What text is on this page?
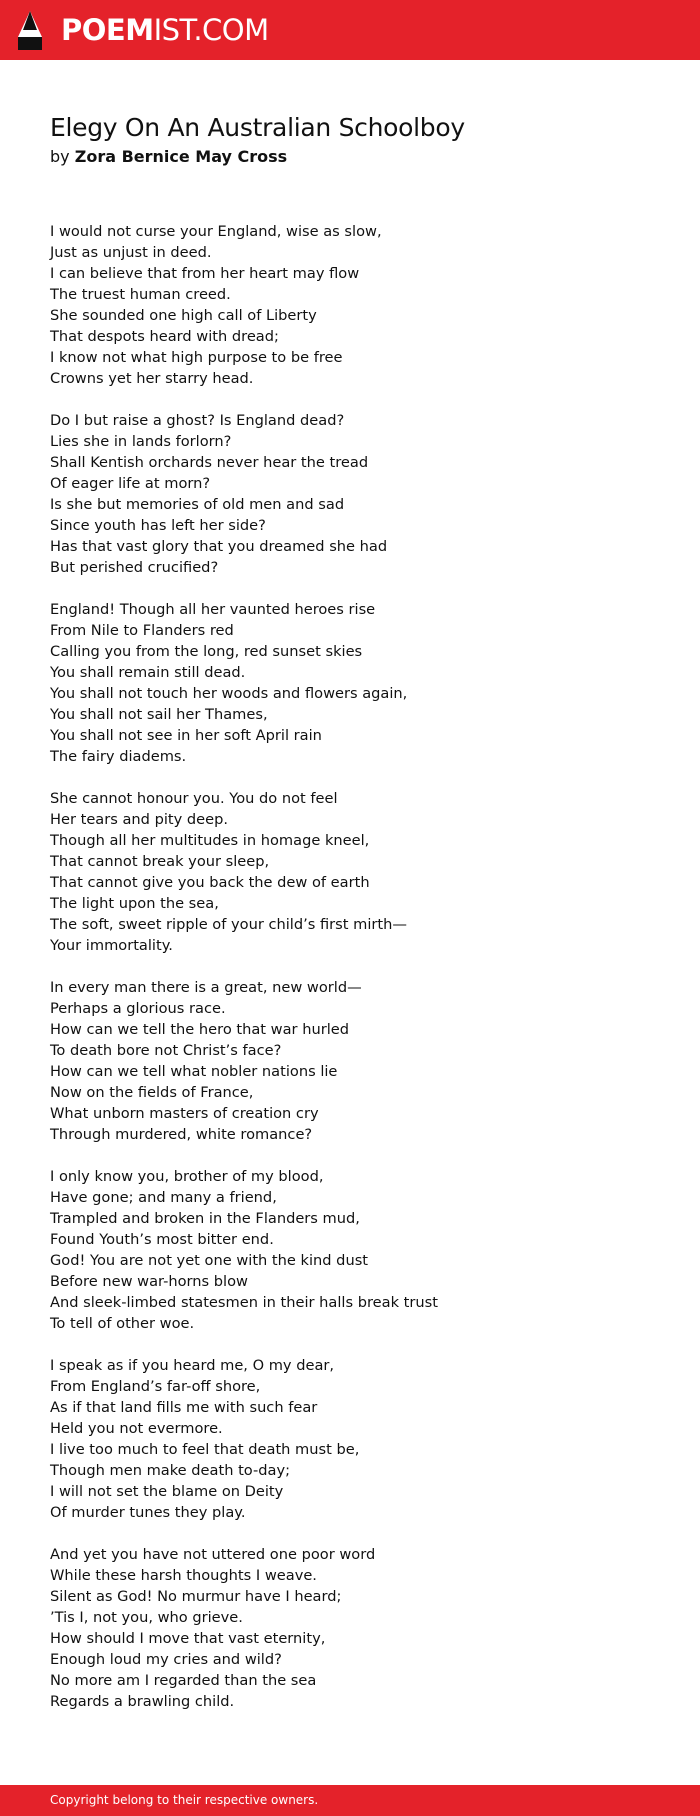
POEMIST.COM
Elegy On An Australian Schoolboy
by Zora Bernice May Cross
I would not curse your England, wise as slow,
Just as unjust in deed.
I can believe that from her heart may flow
The truest human creed.
She sounded one high call of Liberty
That despots heard with dread;
I know not what high purpose to be free
Crowns yet her starry head.
Do I but raise a ghost? Is England dead?
Lies she in lands forlorn?
Shall Kentish orchards never hear the tread
Of eager life at morn?
Is she but memories of old men and sad
Since youth has left her side?
Has that vast glory that you dreamed she had
But perished crucified?
England! Though all her vaunted heroes rise
From Nile to Flanders red
Calling you from the long, red sunset skies
You shall remain still dead.
You shall not touch her woods and flowers again,
You shall not sail her Thames,
You shall not see in her soft April rain
The fairy diadems.
She cannot honour you. You do not feel
Her tears and pity deep.
Though all her multitudes in homage kneel,
That cannot break your sleep,
That cannot give you back the dew of earth
The light upon the sea,
The soft, sweet ripple of your child’s first mirth—
Your immortality.
In every man there is a great, new world—
Perhaps a glorious race.
How can we tell the hero that war hurled
To death bore not Christ’s face?
How can we tell what nobler nations lie
Now on the fields of France,
What unborn masters of creation cry
Through murdered, white romance?
I only know you, brother of my blood,
Have gone; and many a friend,
Trampled and broken in the Flanders mud,
Found Youth’s most bitter end.
God! You are not yet one with the kind dust
Before new war-horns blow
And sleek-limbed statesmen in their halls break trust
To tell of other woe.
I speak as if you heard me, O my dear,
From England’s far-off shore,
As if that land fills me with such fear
Held you not evermore.
I live too much to feel that death must be,
Though men make death to-day;
I will not set the blame on Deity
Of murder tunes they play.
And yet you have not uttered one poor word
While these harsh thoughts I weave.
Silent as God! No murmur have I heard;
’Tis I, not you, who grieve.
How should I move that vast eternity,
Enough loud my cries and wild?
No more am I regarded than the sea
Regards a brawling child.
Copyright belong to their respective owners.
